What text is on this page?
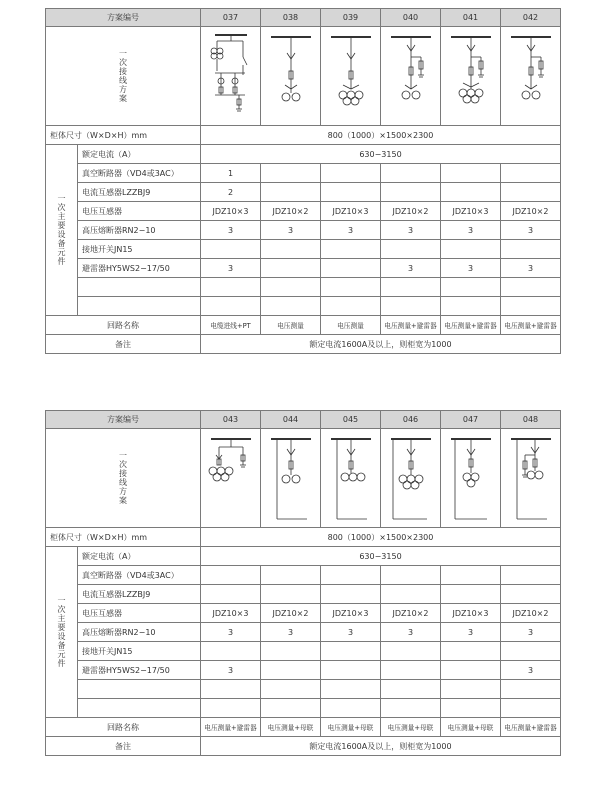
方案编号		037	038	039	040	041	042
一次接线方案	

柜体尺寸（W×D×H）mm		800（1000）×1500×2300					
一次主要设备元件	额定电流（A）	630−3150					
	真空断路器（VD4或3AC）	1					
	电流互感器LZZBJ9	2					
	电压互感器	JDZ10×3	JDZ10×2	JDZ10×3	JDZ10×2	JDZ10×3	JDZ10×2
	高压熔断器RN2−10	3	3	3	3	3	3
	接地开关JN15						
	避雷器HY5WS2−17/50	3			3	3	3

回路名称		电缆进线+PT	电压测量	电压测量	电压测量+避雷器	电压测量+避雷器	电压测量+避雷器
备注		额定电流1600A及以上，则柜宽为1000					
方案编号		043	044	045	046	047	048
一次接线方案	

柜体尺寸（W×D×H）mm		800（1000）×1500×2300					
一次主要设备元件	额定电流（A）	630−3150					
	真空断路器（VD4或3AC）						
	电流互感器LZZBJ9						
	电压互感器	JDZ10×3	JDZ10×2	JDZ10×3	JDZ10×2	JDZ10×3	JDZ10×2
	高压熔断器RN2−10	3	3	3	3	3	3
	接地开关JN15						
	避雷器HY5WS2−17/50	3					3

回路名称		电压测量+避雷器	电压测量+母联	电压测量+母联	电压测量+母联	电压测量+母联	电压测量+避雷器
备注		额定电流1600A及以上，则柜宽为1000					
